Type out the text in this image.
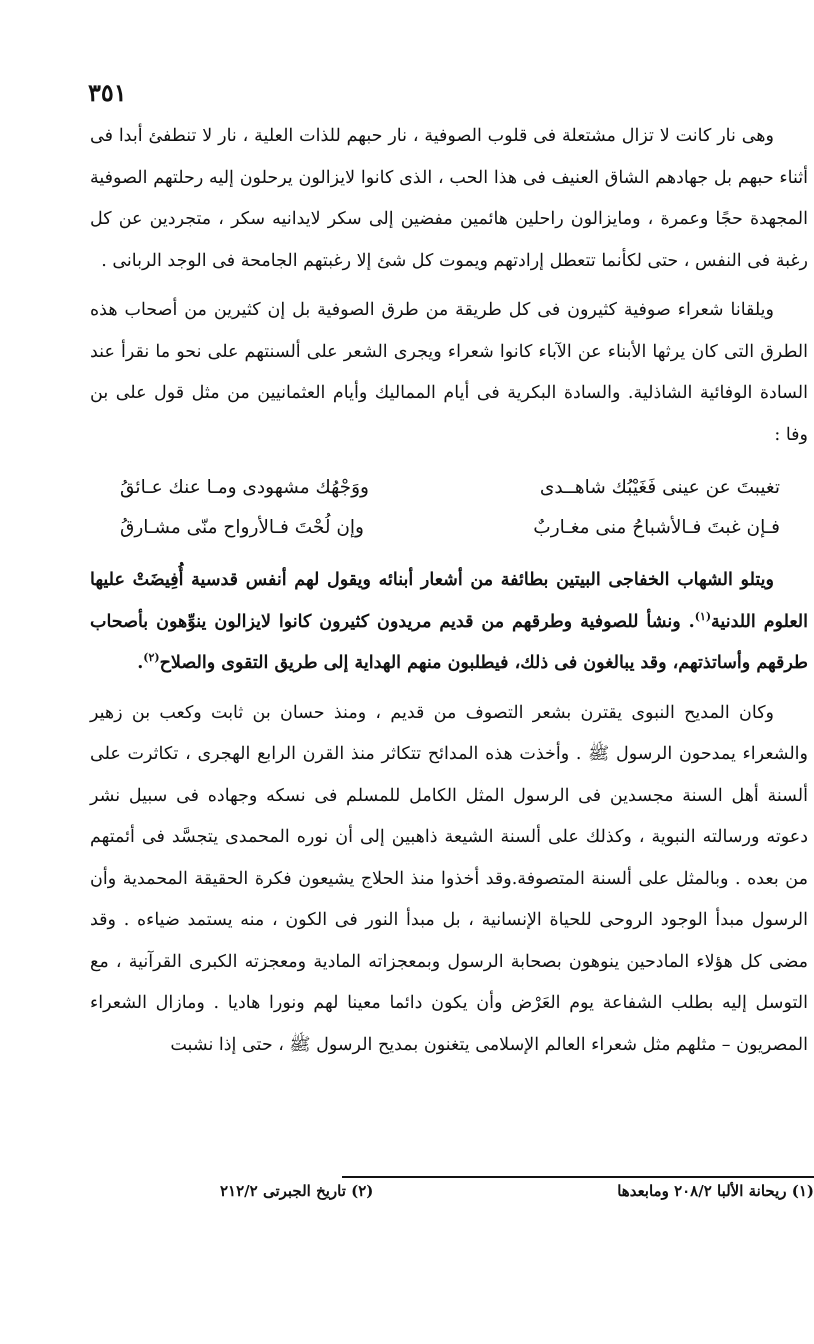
٣٥١

وهى نار كانت لا تزال مشتعلة فى قلوب الصوفية ، نار حبهم للذات العلية ، نار لا تنطفئ أبدا فى أثناء حبهم بل جهادهم الشاق العنيف فى هذا الحب ، الذى كانوا لايزالون يرحلون إليه رحلتهم الصوفية المجهدة حجًا وعمرة ، ومايزالون راحلين هائمين مفضين إلى سكر لايدانيه سكر ، متجردين عن كل رغبة فى النفس ، حتى لكأنما تتعطل إرادتهم ويموت كل شئ إلا رغبتهم الجامحة فى الوجد الربانى .

ويلقانا شعراء صوفية كثيرون فى كل طريقة من طرق الصوفية بل إن كثيرين من أصحاب هذه الطرق التى كان يرثها الأبناء عن الآباء كانوا شعراء ويجرى الشعر على ألسنتهم على نحو ما نقرأ عند السادة الوفائية الشاذلية. والسادة البكرية فى أيام المماليك وأيام العثمانيين من مثل قول على بن وفا :

تغيبتَ عن عينى فَغَيْبُك شاهــدى
ووَجْهُك مشهودى ومـا عنك عـائقُ
فـإن غبتَ فـالأشباحُ منى مغـاربٌ
وإن لُحْتَ فـالأرواح منّى مشـارقُ

ويتلو الشهاب الخفاجى البيتين بطائفة من أشعار أبنائه ويقول لهم أنفس قدسية أُفِيضَتْ عليها العلوم اللدنية$^{(١)}$. ونشأ للصوفية وطرقهم من قديم مريدون كثيرون كانوا لايزالون ينوِّهون بأصحاب طرقهم وأساتذتهم، وقد يبالغون فى ذلك، فيطلبون منهم الهداية إلى طريق التقوى والصلاح$^{(٢)}$.

وكان المديح النبوى يقترن بشعر التصوف من قديم ، ومنذ حسان بن ثابت وكعب بن زهير والشعراء يمدحون الرسول ﷺ . وأخذت هذه المدائح تتكاثر منذ القرن الرابع الهجرى ، تكاثرت على ألسنة أهل السنة مجسدين فى الرسول المثل الكامل للمسلم فى نسكه وجهاده فى سبيل نشر دعوته ورسالته النبوية ، وكذلك على ألسنة الشيعة ذاهبين إلى أن نوره المحمدى يتجسَّد فى أئمتهم من بعده . وبالمثل على ألسنة المتصوفة.وقد أخذوا منذ الحلاج يشيعون فكرة الحقيقة المحمدية وأن الرسول مبدأ الوجود الروحى للحياة الإنسانية ، بل مبدأ النور فى الكون ، منه يستمد ضياءه . وقد مضى كل هؤلاء المادحين ينوهون بصحابة الرسول وبمعجزاته المادية ومعجزته الكبرى القرآنية ، مع التوسل إليه بطلب الشفاعة يوم العَرْض وأن يكون دائما معينا لهم ونورا هاديا . ومازال الشعراء المصريون – مثلهم مثل شعراء العالم الإسلامى يتغنون بمديح الرسول ﷺ ، حتى إذا نشبت

(١) ريحانة الألبا ٢٠٨/٢ ومابعدها
(٢) تاريخ الجبرتى ٢١٢/٢
